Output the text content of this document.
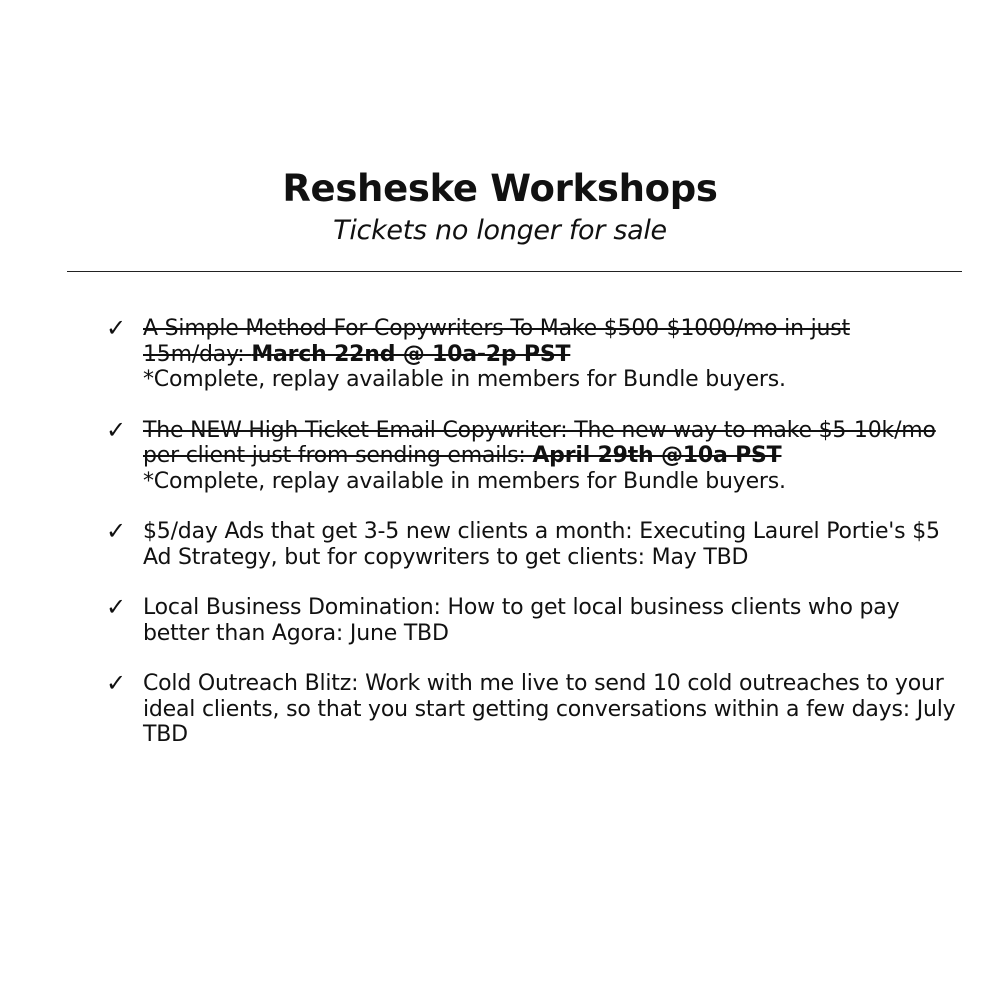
Resheske Workshops

Tickets no longer for sale

✓ A Simple Method For Copywriters To Make $500-$1000/mo in just 15m/day: March 22nd @ 10a-2p PST
*Complete, replay available in members for Bundle buyers.
✓ The NEW High Ticket Email Copywriter: The new way to make $5-10k/mo per client just from sending emails: April 29th @10a PST
*Complete, replay available in members for Bundle buyers.
✓ $5/day Ads that get 3-5 new clients a month: Executing Laurel Portie's $5 Ad Strategy, but for copywriters to get clients: May TBD
✓ Local Business Domination: How to get local business clients who pay better than Agora: June TBD
✓ Cold Outreach Blitz: Work with me live to send 10 cold outreaches to your ideal clients, so that you start getting conversations within a few days: July TBD
